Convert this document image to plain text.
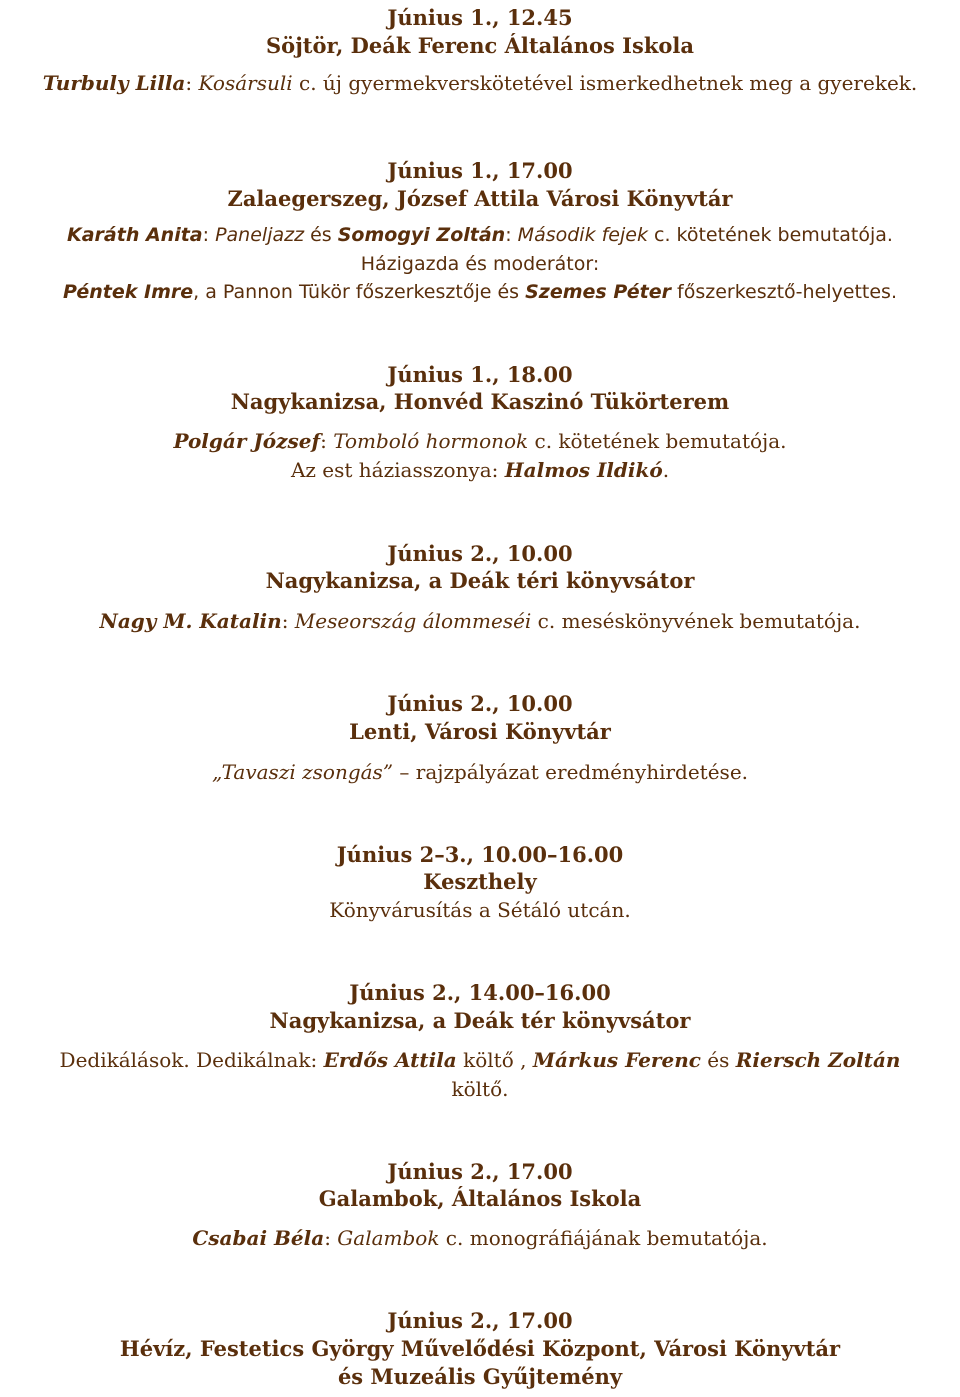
Június 1., 12.45
Söjtör, Deák Ferenc Általános Iskola
Turbuly Lilla: Kosársuli c. új gyermekverskötetével ismerkedhetnek meg a gyerekek.
Június 1., 17.00
Zalaegerszeg, József Attila Városi Könyvtár
Karáth Anita: Paneljazz és Somogyi Zoltán: Második fejek c. kötetének bemutatója.
Házigazda és moderátor:
Péntek Imre, a Pannon Tükör főszerkesztője és Szemes Péter főszerkesztő-helyettes.
Június 1., 18.00
Nagykanizsa, Honvéd Kaszinó Tükörterem
Polgár József: Tomboló hormonok c. kötetének bemutatója.
Az est háziasszonya: Halmos Ildikó.
Június 2., 10.00
Nagykanizsa, a Deák téri könyvsátor
Nagy M. Katalin: Meseország álommeséi c. meséskönyvének bemutatója.
Június 2., 10.00
Lenti, Városi Könyvtár
„Tavaszi zsongás” – rajzpályázat eredményhirdetése.
Június 2–3., 10.00–16.00
Keszthely
Könyvárusítás a Sétáló utcán.
Június 2., 14.00–16.00
Nagykanizsa, a Deák tér könyvsátor
Dedikálások. Dedikálnak: Erdős Attila költő , Márkus Ferenc és Riersch Zoltán
költő.
Június 2., 17.00
Galambok, Általános Iskola
Csabai Béla: Galambok c. monográfiájának bemutatója.
Június 2., 17.00
Hévíz, Festetics György Művelődési Központ, Városi Könyvtár
és Muzeális Gyűjtemény
